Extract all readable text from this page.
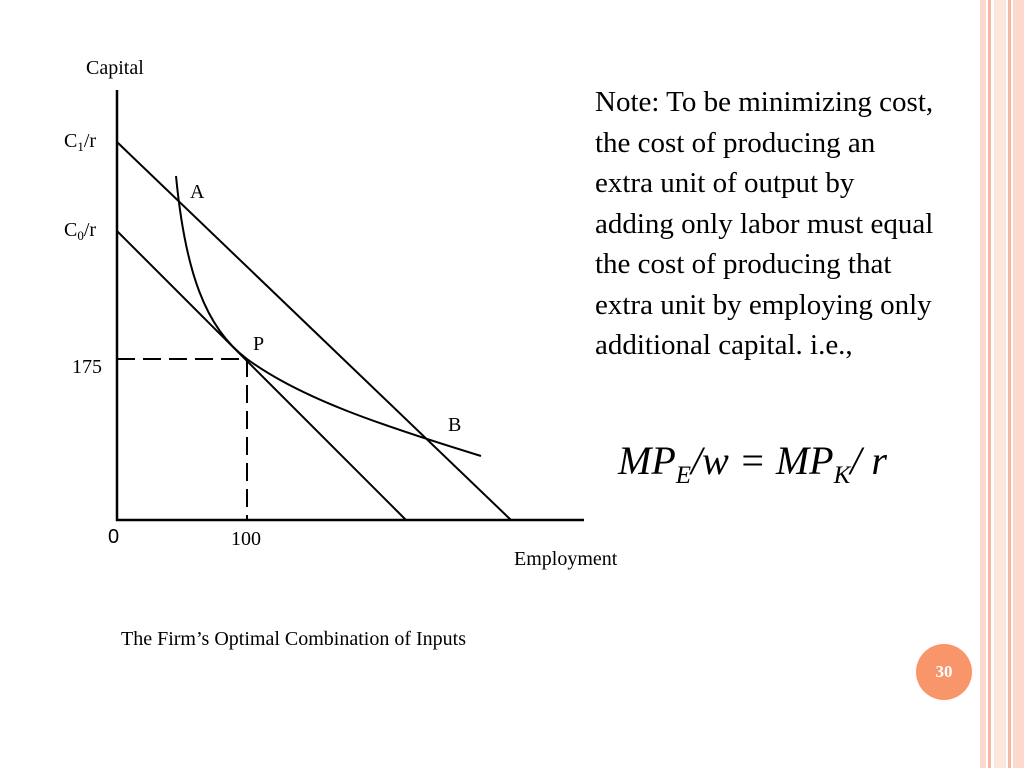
Capital
Employment
0
$C_1/r$
$C_0/r$
175
100
A
P
B
The Firm’s Optimal Combination of Inputs
Note: To be minimizing cost, the cost of producing an extra unit of output by adding only labor must equal the cost of producing that extra unit by employing only additional capital. i.e.,
$MP_E/w = MP_K/$ r
30
